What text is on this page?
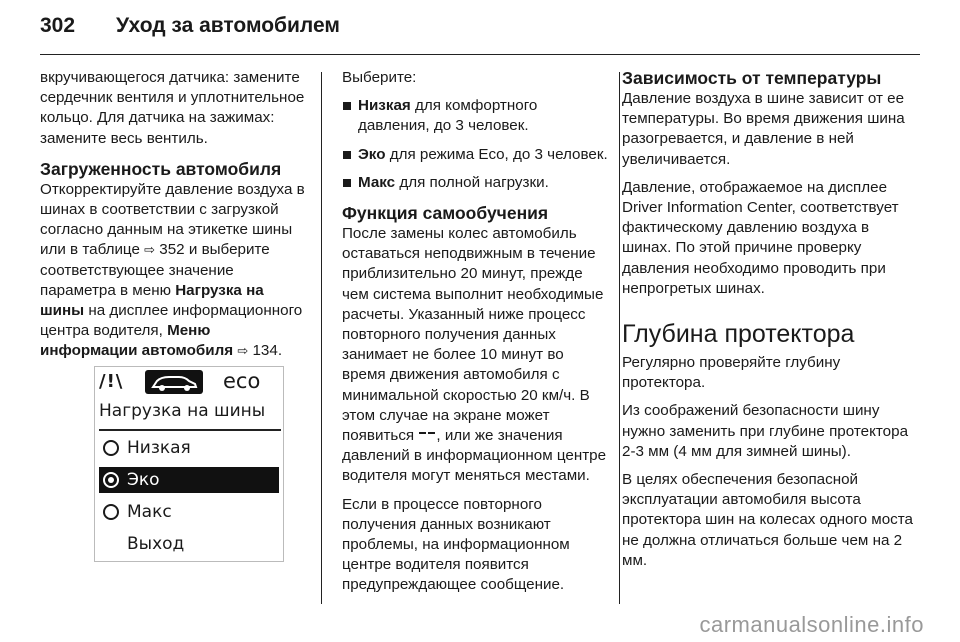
302 Уход за автомобилем

вкручивающегося датчика: замените сердечник вентиля и уплотнительное кольцо. Для датчика на зажимах: замените весь вентиль.

Загруженность автомобиля

Откорректируйте давление воздуха в шинах в соответствии с загрузкой согласно данным на этикетке шины или в таблице ⇨ 352 и выберите соответствующее значение параметра в меню Нагрузка на шины на дисплее информационного центра водителя, Меню информации автомобиля ⇨ 134.

/!\	eco
Нагрузка на шины
Низкая
Эко
Макс
Выход

Выберите:

Низкая для комфортного давления, до 3 человек.
Эко для режима Eco, до 3 человек.
Макс для полной нагрузки.
Функция самообучения

После замены колес автомобиль оставаться неподвижным в течение приблизительно 20 минут, прежде чем система выполнит необходимые расчеты. Указанный ниже процесс повторного получения данных занимает не более 10 минут во время движения автомобиля с минимальной скоростью 20 км/ч. В этом случае на экране может появиться , или же значения давлений в информационном центре водителя могут меняться местами.

Если в процессе повторного получения данных возникают проблемы, на информационном центре водителя появится предупреждающее сообщение.

Зависимость от температуры

Давление воздуха в шине зависит от ее температуры. Во время движения шина разогревается, и давление в ней увеличивается.

Давление, отображаемое на дисплее Driver Information Center, соответствует фактическому давлению воздуха в шинах. По этой причине проверку давления необходимо проводить при непрогретых шинах.

Глубина протектора

Регулярно проверяйте глубину протектора.

Из соображений безопасности шину нужно заменить при глубине протектора 2-3 мм (4 мм для зимней шины).

В целях обеспечения безопасной эксплуатации автомобиля высота протектора шин на колесах одного моста не должна отличаться больше чем на 2 мм.

carmanualsonline.info
